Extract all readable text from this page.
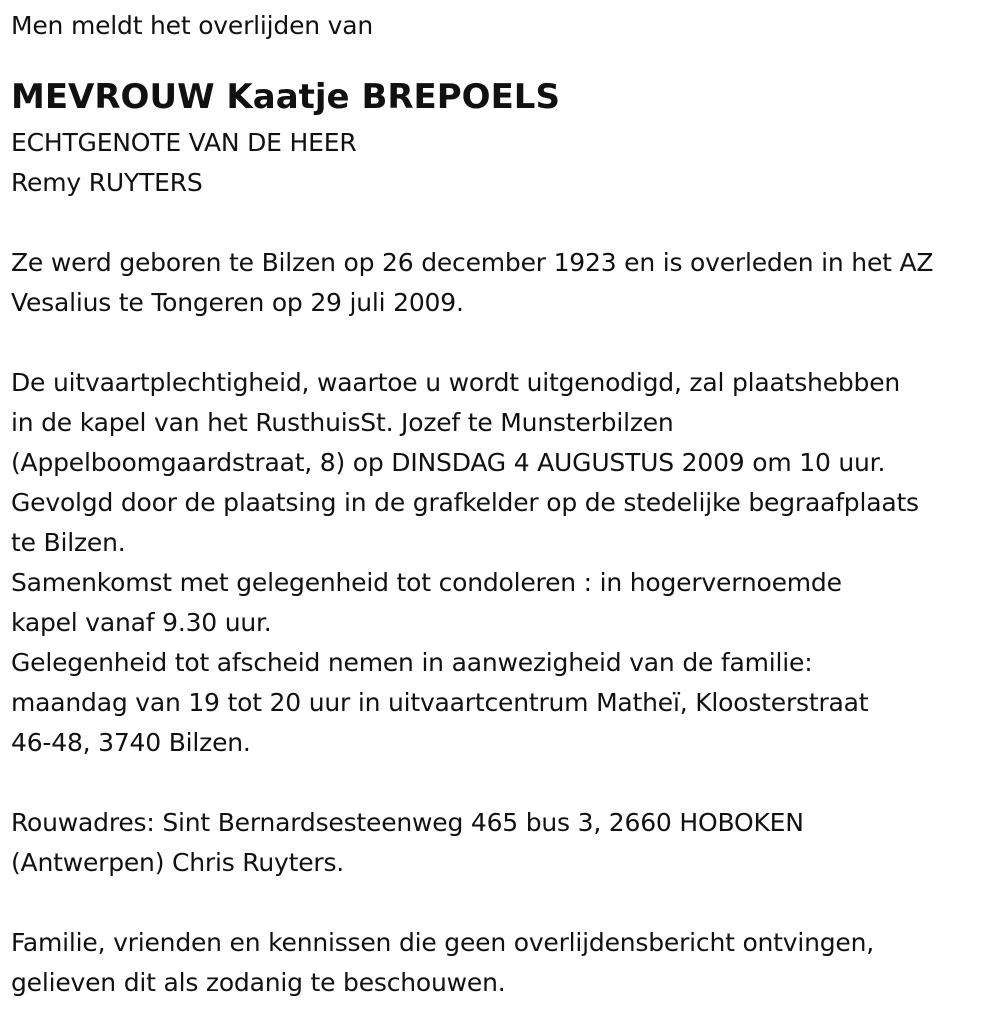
Men meldt het overlijden van
MEVROUW Kaatje BREPOELS
ECHTGENOTE VAN DE HEER
Remy RUYTERS
Ze werd geboren te Bilzen op 26 december 1923 en is overleden in het AZ
Vesalius te Tongeren op 29 juli 2009.
De uitvaartplechtigheid, waartoe u wordt uitgenodigd, zal plaatshebben
in de kapel van het RusthuisSt. Jozef te Munsterbilzen
(Appelboomgaardstraat, 8) op DINSDAG 4 AUGUSTUS 2009 om 10 uur.
Gevolgd door de plaatsing in de grafkelder op de stedelijke begraafplaats
te Bilzen.
Samenkomst met gelegenheid tot condoleren : in hogervernoemde
kapel vanaf 9.30 uur.
Gelegenheid tot afscheid nemen in aanwezigheid van de familie:
maandag van 19 tot 20 uur in uitvaartcentrum Matheï, Kloosterstraat
46-48, 3740 Bilzen.
Rouwadres: Sint Bernardsesteenweg 465 bus 3, 2660 HOBOKEN
(Antwerpen) Chris Ruyters.
Familie, vrienden en kennissen die geen overlijdensbericht ontvingen,
gelieven dit als zodanig te beschouwen.
